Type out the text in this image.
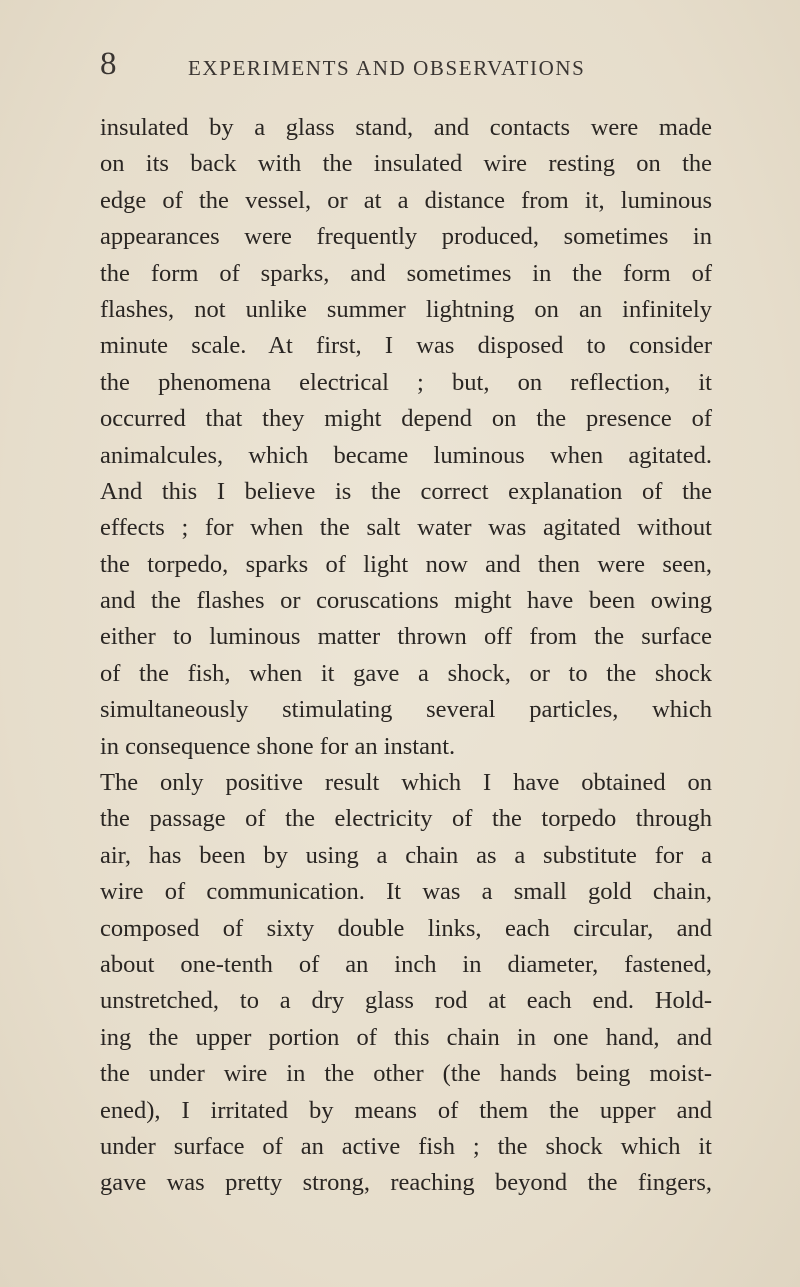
8	EXPERIMENTS AND OBSERVATIONS
insulated by a glass stand, and contacts were made
on its back with the insulated wire resting on the
edge of the vessel, or at a distance from it, luminous
appearances were frequently produced, sometimes in
the form of sparks, and sometimes in the form of
flashes, not unlike summer lightning on an infinitely
minute scale. At first, I was disposed to consider
the phenomena electrical ; but, on reflection, it
occurred that they might depend on the presence of
animalcules, which became luminous when agitated.
And this I believe is the correct explanation of the
effects ; for when the salt water was agitated without
the torpedo, sparks of light now and then were seen,
and the flashes or coruscations might have been owing
either to luminous matter thrown off from the surface
of the fish, when it gave a shock, or to the shock
simultaneously stimulating several particles, which
in consequence shone for an instant.
The only positive result which I have obtained on
the passage of the electricity of the torpedo through
air, has been by using a chain as a substitute for a
wire of communication. It was a small gold chain,
composed of sixty double links, each circular, and
about one-tenth of an inch in diameter, fastened,
unstretched, to a dry glass rod at each end. Hold-
ing the upper portion of this chain in one hand, and
the under wire in the other (the hands being moist-
ened), I irritated by means of them the upper and
under surface of an active fish ; the shock which it
gave was pretty strong, reaching beyond the fingers,
